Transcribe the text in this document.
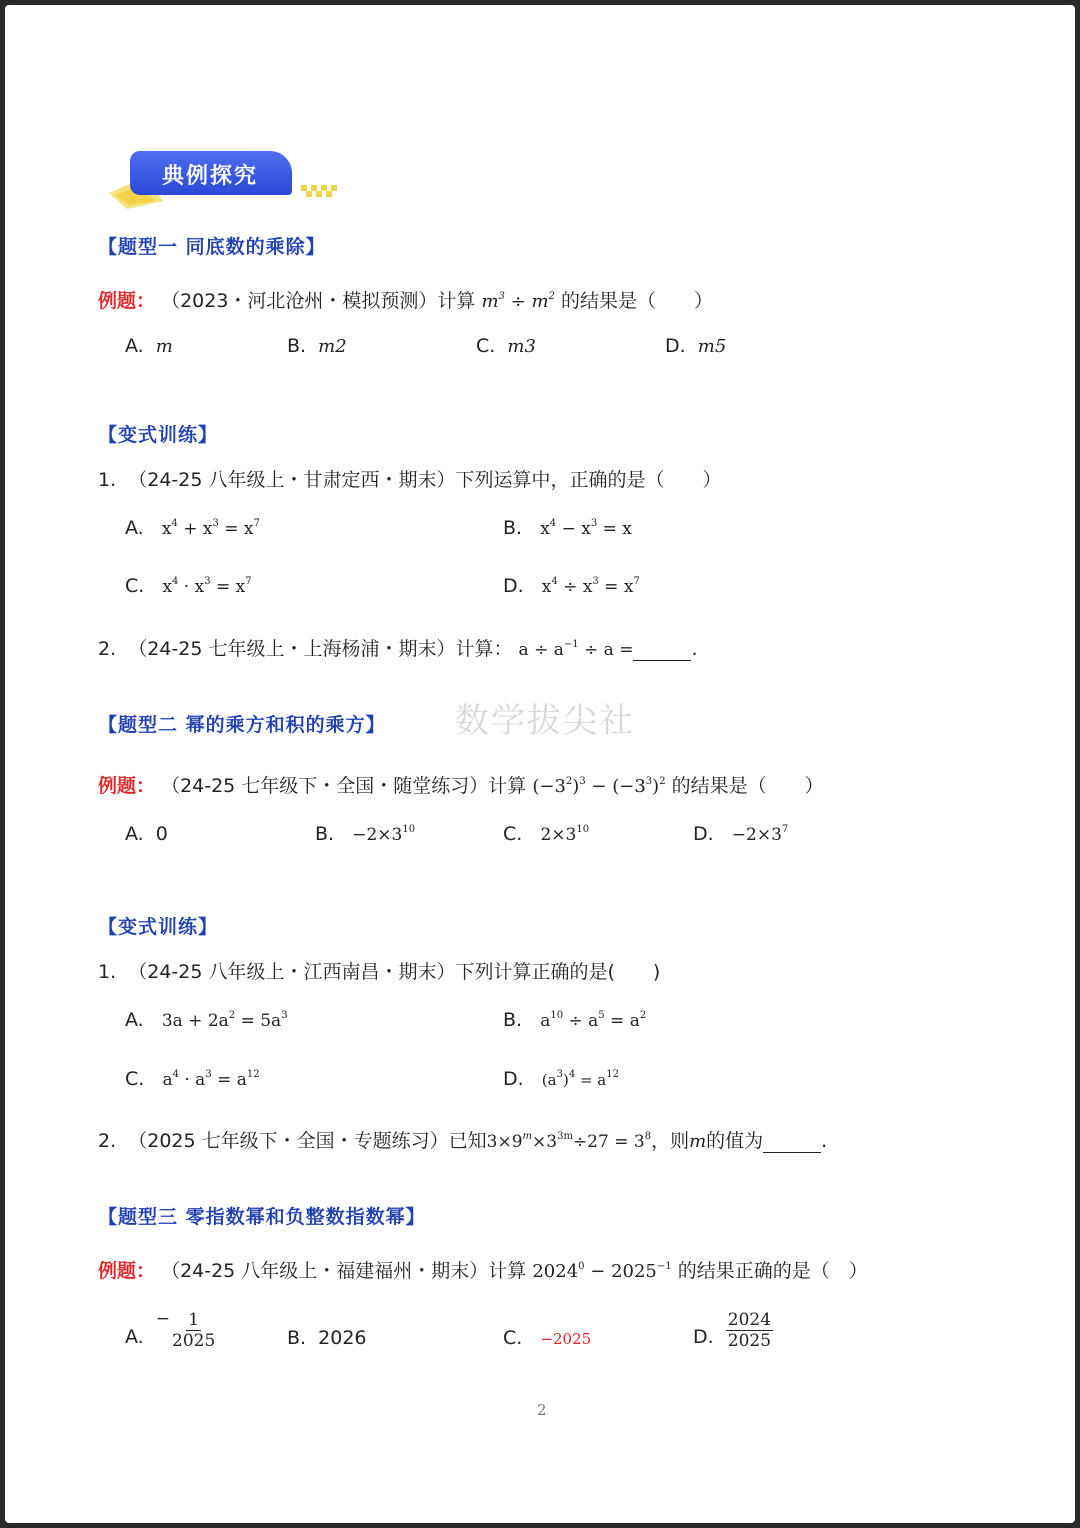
典例探究
【题型一 同底数的乘除】
例题： （2023・河北沧州・模拟预测）计算 $m^3 \div m^2$ 的结果是（　　）
A. m	B. m2	C. m3	D. m5
【变式训练】
1. （24-25 八年级上・甘肃定西・期末）下列运算中，正确的是（　　）
A. $x^4 + x^3 = x^7$	B. $x^4 - x^3 = x$
C. $x^4 \cdot x^3 = x^7$	D. $x^4 \div x^3 = x^7$
2. （24-25 七年级上・上海杨浦・期末）计算： $a \div a^{-1} \div a$ =	.
【题型二 幂的乘方和积的乘方】 数学拔尖社
例题： （24-25 七年级下・全国・随堂练习）计算 $(-3^2)^3 - (-3^3)^2$ 的结果是（　　）
A. 0	B. $-2\times 3^{10}$	C. $2\times 3^{10}$	D. $-2\times 3^7$
【变式训练】
1. （24-25 八年级上・江西南昌・期末）下列计算正确的是(　　)
A. $3a + 2a^2 = 5a^3$	B. $a^{10} \div a^5 = a^2$
C. $a^4 \cdot a^3 = a^{12}$	D. $(a^3)^4 = a^{12}$
2. （2025 七年级下・全国・专题练习）已知$3\times 9^m\times 3^{3m}\div 27 = 3^8$，则m的值为	.
【题型三 零指数幂和负整数指数幂】
例题： （24-25 八年级上・福建福州・期末）计算 $2024^0 - 2025^{-1}$ 的结果正确的是（　）
A.

− $\frac{1}{2025}$	B. 2026	C. −2025	D.
$\frac{2024}{2025}$
2
